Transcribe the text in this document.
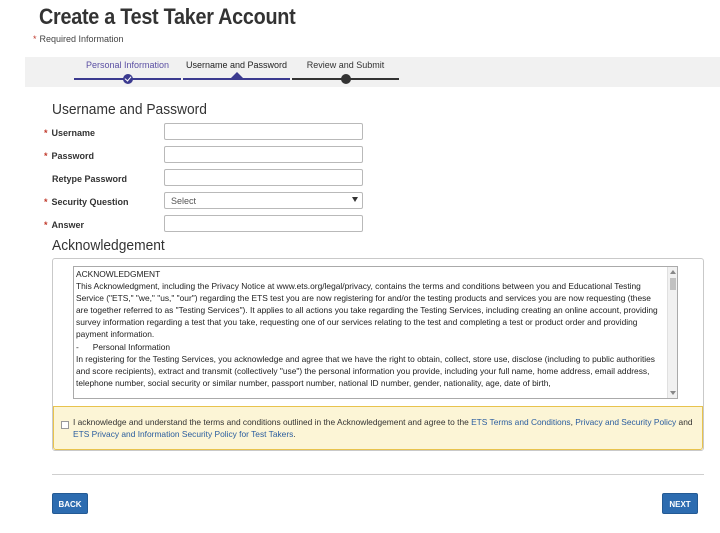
Create a Test Taker Account
* Required Information
Personal Information	Username and Password	Review and Submit
Username and Password
* Username
* Password
Retype Password
* Security Question	Select
* Answer
Acknowledgement

ACKNOWLEDGMENT

This Acknowledgment, including the Privacy Notice at www.ets.org/legal/privacy, contains the terms and conditions between you and Educational Testing Service ("ETS," "we," "us," "our") regarding the ETS test you are now registering for and/or the testing products and services you are now requesting (these are together referred to as "Testing Services"). It applies to all actions you take regarding the Testing Services, including creating an online account, providing survey information regarding a test that you take, requesting one of our services relating to the test and completing a test or product order and providing payment information.

-      Personal Information

In registering for the Testing Services, you acknowledge and agree that we have the right to obtain, collect, store use, disclose (including to public authorities and score recipients), extract and transmit (collectively "use") the personal information you provide, including your full name, home address, email address, telephone number, social security or similar number, passport number, national ID number, gender, nationality, age, date of birth,

I acknowledge and understand the terms and conditions outlined in the Acknowledgement and agree to the ETS Terms and Conditions, Privacy and Security Policy and ETS Privacy and Information Security Policy for Test Takers.
BACK	NEXT
